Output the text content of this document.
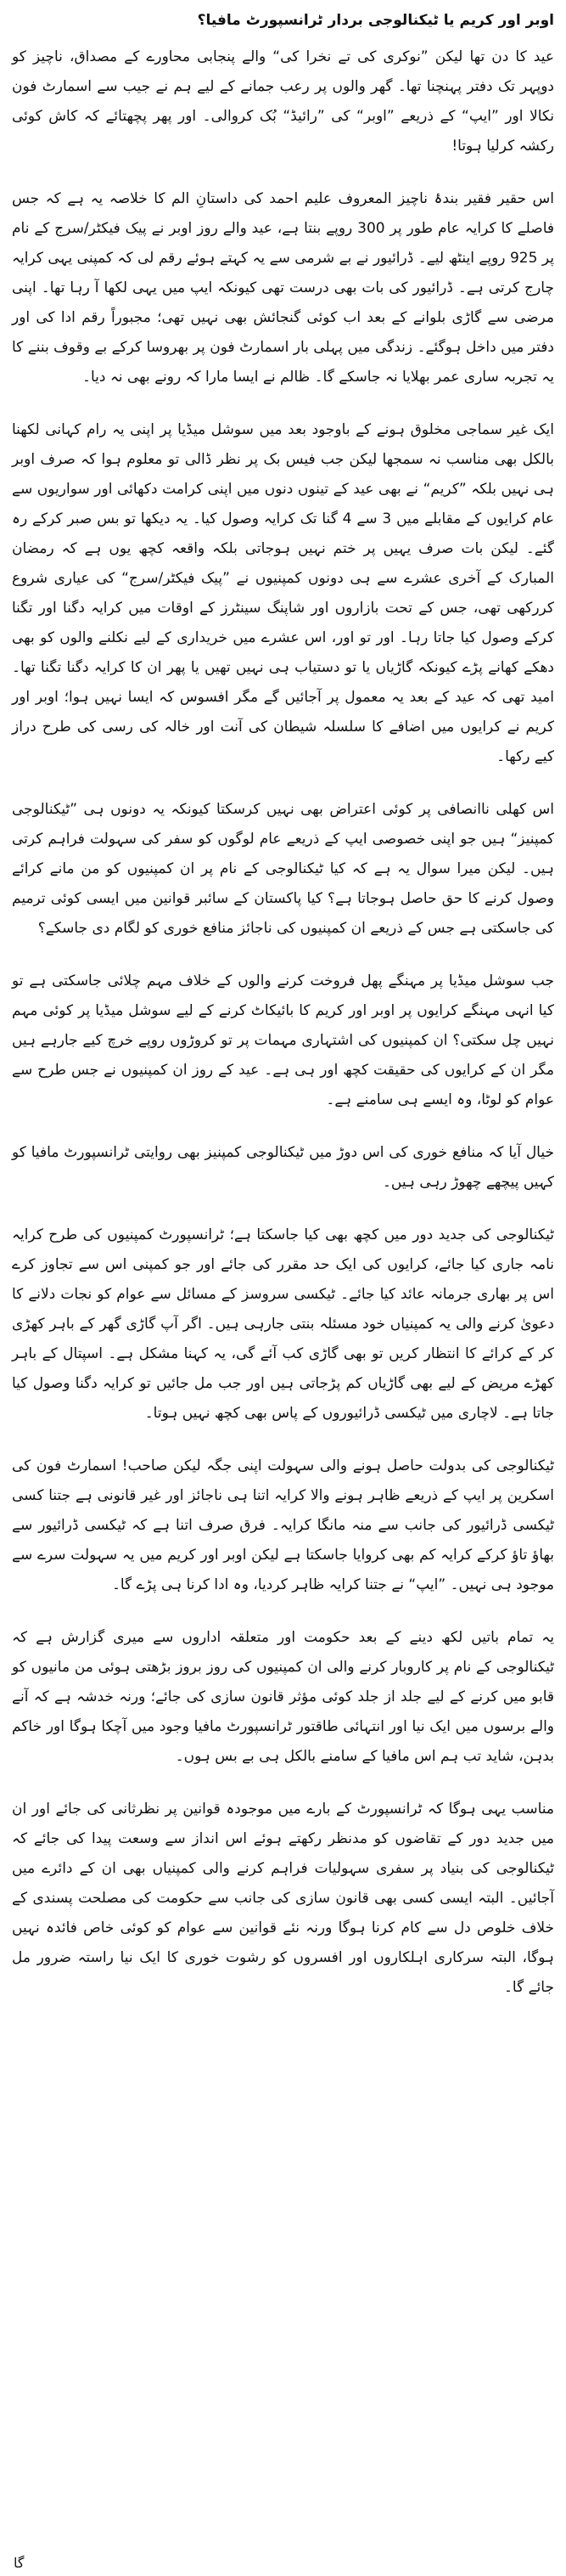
اوبر اور کریم یا ٹیکنالوجی بردار ٹرانسپورٹ مافیا؟

عید کا دن تھا لیکن ”نوکری کی تے نخرا کی“ والے پنجابی محاورے کے مصداق، ناچیز کو دوپہر تک دفتر پہنچنا تھا۔ گھر والوں پر رعب جمانے کے لیے ہم نے جیب سے اسمارٹ فون نکالا اور ”ایپ“ کے ذریعے ”اوبر“ کی ”رائیڈ“ بُک کروالی۔ اور پھر پچھتائے کہ کاش کوئی رکشہ کرلیا ہوتا!

اس حقیر فقیر بندۂ ناچیز المعروف علیم احمد کی داستانِ الم کا خلاصہ یہ ہے کہ جس فاصلے کا کرایہ عام طور پر 300 روپے بنتا ہے، عید والے روز اوبر نے پیک فیکٹر/سرج کے نام پر 925 روپے اینٹھ لیے۔ ڈرائیور نے بے شرمی سے یہ کہتے ہوئے رقم لی کہ کمپنی یہی کرایہ چارج کرتی ہے۔ ڈرائیور کی بات بھی درست تھی کیونکہ ایپ میں یہی لکھا آ رہا تھا۔ اپنی مرضی سے گاڑی بلوانے کے بعد اب کوئی گنجائش بھی نہیں تھی؛ مجبوراً رقم ادا کی اور دفتر میں داخل ہوگئے۔ زندگی میں پہلی بار اسمارٹ فون پر بھروسا کرکے بے وقوف بننے کا یہ تجربہ ساری عمر بھلایا نہ جاسکے گا۔ ظالم نے ایسا مارا کہ رونے بھی نہ دیا۔

ایک غیر سماجی مخلوق ہونے کے باوجود بعد میں سوشل میڈیا پر اپنی یہ رام کہانی لکھنا بالکل بھی مناسب نہ سمجھا لیکن جب فیس بک پر نظر ڈالی تو معلوم ہوا کہ صرف اوبر ہی نہیں بلکہ ”کریم“ نے بھی عید کے تینوں دنوں میں اپنی کرامت دکھائی اور سواریوں سے عام کرایوں کے مقابلے میں 3 سے 4 گنا تک کرایہ وصول کیا۔ یہ دیکھا تو بس صبر کرکے رہ گئے۔ لیکن بات صرف یہیں پر ختم نہیں ہوجاتی بلکہ واقعہ کچھ یوں ہے کہ رمضان المبارک کے آخری عشرے سے ہی دونوں کمپنیوں نے ”پیک فیکٹر/سرج“ کی عیاری شروع کررکھی تھی، جس کے تحت بازاروں اور شاپنگ سینٹرز کے اوقات میں کرایہ دگنا اور تگنا کرکے وصول کیا جاتا رہا۔ اور تو اور، اس عشرے میں خریداری کے لیے نکلنے والوں کو بھی دھکے کھانے پڑے کیونکہ گاڑیاں یا تو دستیاب ہی نہیں تھیں یا پھر ان کا کرایہ دگنا تگنا تھا۔ امید تھی کہ عید کے بعد یہ معمول پر آجائیں گے مگر افسوس کہ ایسا نہیں ہوا؛ اوبر اور کریم نے کرایوں میں اضافے کا سلسلہ شیطان کی آنت اور خالہ کی رسی کی طرح دراز کیے رکھا۔

اس کھلی ناانصافی پر کوئی اعتراض بھی نہیں کرسکتا کیونکہ یہ دونوں ہی ”ٹیکنالوجی کمپنیز“ ہیں جو اپنی خصوصی ایپ کے ذریعے عام لوگوں کو سفر کی سہولت فراہم کرتی ہیں۔ لیکن میرا سوال یہ ہے کہ کیا ٹیکنالوجی کے نام پر ان کمپنیوں کو من مانے کرائے وصول کرنے کا حق حاصل ہوجاتا ہے؟ کیا پاکستان کے سائبر قوانین میں ایسی کوئی ترمیم کی جاسکتی ہے جس کے ذریعے ان کمپنیوں کی ناجائز منافع خوری کو لگام دی جاسکے؟

جب سوشل میڈیا پر مہنگے پھل فروخت کرنے والوں کے خلاف مہم چلائی جاسکتی ہے تو کیا انہی مہنگے کرایوں پر اوبر اور کریم کا بائیکاٹ کرنے کے لیے سوشل میڈیا پر کوئی مہم نہیں چل سکتی؟ ان کمپنیوں کی اشتہاری مہمات پر تو کروڑوں روپے خرچ کیے جارہے ہیں مگر ان کے کرایوں کی حقیقت کچھ اور ہی ہے۔ عید کے روز ان کمپنیوں نے جس طرح سے عوام کو لوٹا، وہ ایسے ہی سامنے ہے۔

خیال آیا کہ منافع خوری کی اس دوڑ میں ٹیکنالوجی کمپنیز بھی روایتی ٹرانسپورٹ مافیا کو کہیں پیچھے چھوڑ رہی ہیں۔

ٹیکنالوجی کی جدید دور میں کچھ بھی کیا جاسکتا ہے؛ ٹرانسپورٹ کمپنیوں کی طرح کرایہ نامہ جاری کیا جائے، کرایوں کی ایک حد مقرر کی جائے اور جو کمپنی اس سے تجاوز کرے اس پر بھاری جرمانہ عائد کیا جائے۔ ٹیکسی سروسز کے مسائل سے عوام کو نجات دلانے کا دعویٰ کرنے والی یہ کمپنیاں خود مسئلہ بنتی جارہی ہیں۔ اگر آپ گاڑی گھر کے باہر کھڑی کر کے کرائے کا انتظار کریں تو بھی گاڑی کب آئے گی، یہ کہنا مشکل ہے۔ اسپتال کے باہر کھڑے مریض کے لیے بھی گاڑیاں کم پڑجاتی ہیں اور جب مل جائیں تو کرایہ دگنا وصول کیا جاتا ہے۔ لاچاری میں ٹیکسی ڈرائیوروں کے پاس بھی کچھ نہیں ہوتا۔

ٹیکنالوجی کی بدولت حاصل ہونے والی سہولت اپنی جگہ لیکن صاحب! اسمارٹ فون کی اسکرین پر ایپ کے ذریعے ظاہر ہونے والا کرایہ اتنا ہی ناجائز اور غیر قانونی ہے جتنا کسی ٹیکسی ڈرائیور کی جانب سے منہ مانگا کرایہ۔ فرق صرف اتنا ہے کہ ٹیکسی ڈرائیور سے بھاؤ تاؤ کرکے کرایہ کم بھی کروایا جاسکتا ہے لیکن اوبر اور کریم میں یہ سہولت سرے سے موجود ہی نہیں۔ ”ایپ“ نے جتنا کرایہ ظاہر کردیا، وہ ادا کرنا ہی پڑے گا۔

یہ تمام باتیں لکھ دینے کے بعد حکومت اور متعلقہ اداروں سے میری گزارش ہے کہ ٹیکنالوجی کے نام پر کاروبار کرنے والی ان کمپنیوں کی روز بروز بڑھتی ہوئی من مانیوں کو قابو میں کرنے کے لیے جلد از جلد کوئی مؤثر قانون سازی کی جائے؛ ورنہ خدشہ ہے کہ آنے والے برسوں میں ایک نیا اور انتہائی طاقتور ٹرانسپورٹ مافیا وجود میں آچکا ہوگا اور خاکم بدہن، شاید تب ہم اس مافیا کے سامنے بالکل ہی بے بس ہوں۔

مناسب یہی ہوگا کہ ٹرانسپورٹ کے بارے میں موجودہ قوانین پر نظرثانی کی جائے اور ان میں جدید دور کے تقاضوں کو مدنظر رکھتے ہوئے اس انداز سے وسعت پیدا کی جائے کہ ٹیکنالوجی کی بنیاد پر سفری سہولیات فراہم کرنے والی کمپنیاں بھی ان کے دائرے میں آجائیں۔ البتہ ایسی کسی بھی قانون سازی کی جانب سے حکومت کی مصلحت پسندی کے خلاف خلوص دل سے کام کرنا ہوگا ورنہ نئے قوانین سے عوام کو کوئی خاص فائدہ نہیں ہوگا، البتہ سرکاری اہلکاروں اور افسروں کو رشوت خوری کا ایک نیا راستہ ضرور مل جائے گا۔

گا
